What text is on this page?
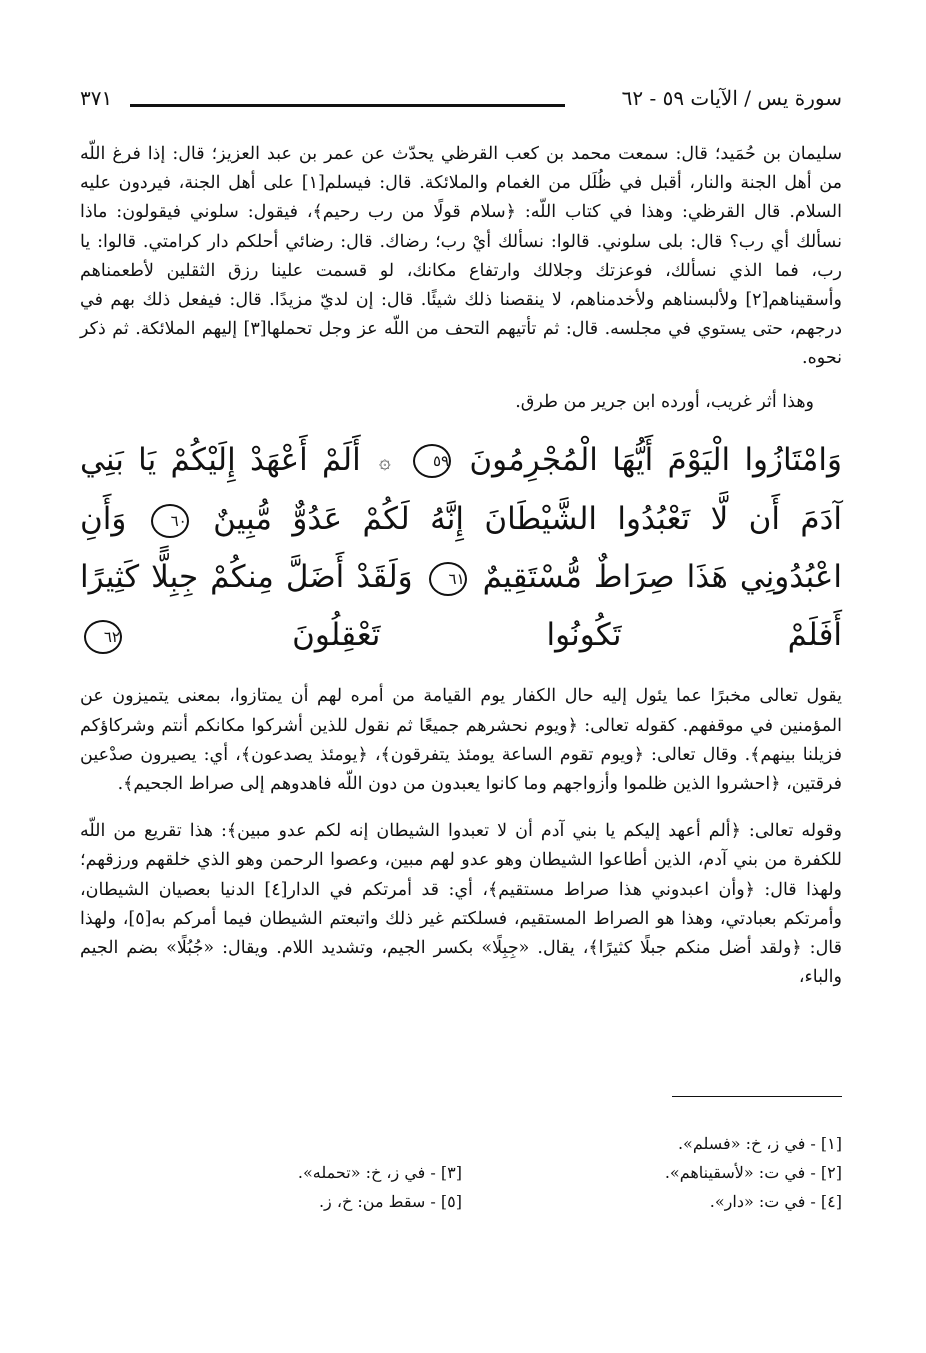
سورة يس / الآيات ٥٩ - ٦٢
٣٧١

سليمان بن حُمَيد؛ قال: سمعت محمد بن كعب القرظي يحدّث عن عمر بن عبد العزيز؛ قال: إذا فرغ اللّه من أهل الجنة والنار، أقبل في ظُلَل من الغمام والملائكة. قال: فيسلم[١] على أهل الجنة، فيردون عليه السلام. قال القرظي: وهذا في كتاب اللّه: ﴿سلام قولًا من رب رحيم﴾، فيقول: سلوني فيقولون: ماذا نسألك أي رب؟ قال: بلى سلوني. قالوا: نسألك أيْ رب؛ رضاك. قال: رضائي أحلكم دار كرامتي. قالوا: يا رب، فما الذي نسألك، فوعزتك وجلالك وارتفاع مكانك، لو قسمت علينا رزق الثقلين لأطعمناهم وأسقيناهم[٢] ولألبسناهم ولأخدمناهم، لا ينقصنا ذلك شيئًا. قال: إن لديّ مزيدًا. قال: فيفعل ذلك بهم في درجهم، حتى يستوي في مجلسه. قال: ثم تأتيهم التحف من اللّه عز وجل تحملها[٣] إليهم الملائكة. ثم ذكر نحوه.

وهذا أثر غريب، أورده ابن جرير من طرق.

وَامْتَازُوا الْيَوْمَ أَيُّهَا الْمُجْرِمُونَ ٥٩ ۞ أَلَمْ أَعْهَدْ إِلَيْكُمْ يَا بَنِي آدَمَ أَن لَّا تَعْبُدُوا الشَّيْطَانَ إِنَّهُ لَكُمْ عَدُوٌّ مُّبِينٌ ٦٠ وَأَنِ اعْبُدُونِي هَذَا صِرَاطٌ مُّسْتَقِيمٌ ٦١ وَلَقَدْ أَضَلَّ مِنكُمْ جِبِلًّا كَثِيرًا أَفَلَمْ تَكُونُوا تَعْقِلُونَ ٦٢

يقول تعالى مخبرًا عما يئول إليه حال الكفار يوم القيامة من أمره لهم أن يمتازوا، بمعنى يتميزون عن المؤمنين في موقفهم. كقوله تعالى: ﴿ويوم نحشرهم جميعًا ثم نقول للذين أشركوا مكانكم أنتم وشركاؤكم فزيلنا بينهم﴾. وقال تعالى: ﴿ويوم تقوم الساعة يومئذ يتفرقون﴾، ﴿يومئذ يصدعون﴾، أي: يصيرون صدْعين فرقتين، ﴿احشروا الذين ظلموا وأزواجهم وما كانوا يعبدون من دون اللّه فاهدوهم إلى صراط الجحيم﴾.

وقوله تعالى: ﴿ألم أعهد إليكم يا بني آدم أن لا تعبدوا الشيطان إنه لكم عدو مبين﴾: هذا تقريع من اللّه للكفرة من بني آدم، الذين أطاعوا الشيطان وهو عدو لهم مبين، وعصوا الرحمن وهو الذي خلقهم ورزقهم؛ ولهذا قال: ﴿وأن اعبدوني هذا صراط مستقيم﴾، أي: قد أمرتكم في الدار[٤] الدنيا بعصيان الشيطان، وأمرتكم بعبادتي، وهذا هو الصراط المستقيم، فسلكتم غير ذلك واتبعتم الشيطان فيما أمركم به[٥]، ولهذا قال: ﴿ولقد أضل منكم جبلًا كثيرًا﴾، يقال. «جِبِلًا» بكسر الجيم، وتشديد اللام. ويقال: «جُبُلًا» بضم الجيم والباء،

[١] - في ز، خ: «فسلم».

[٢] - في ت: «لأسقيناهم».

[٤] - في ت: «دار».

[٣] - في ز، خ: «تحمله».

[٥] - سقط من: خ، ز.
